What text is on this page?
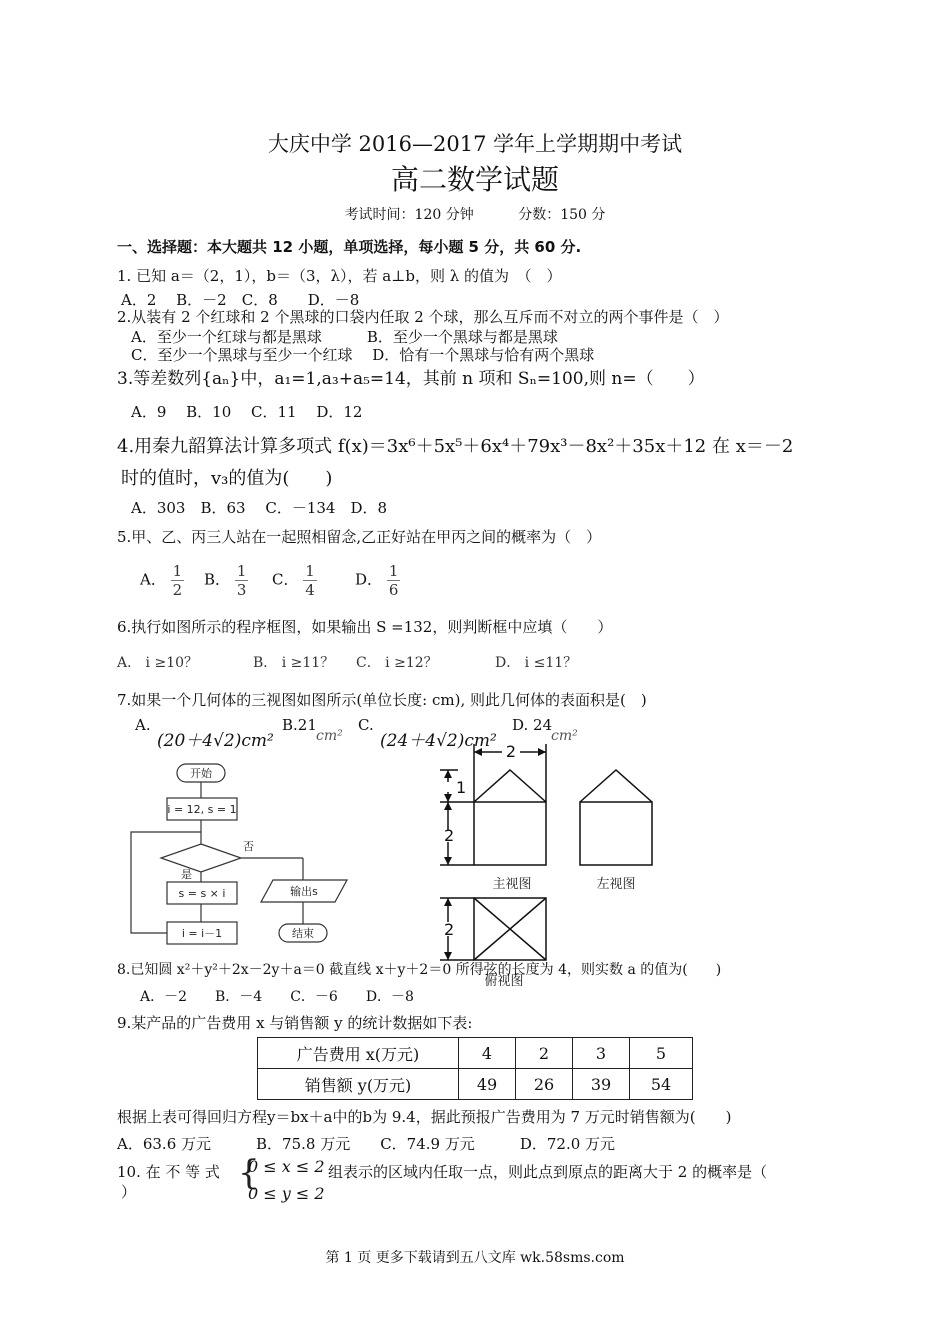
大庆中学 2016—2017 学年上学期期中考试
高二数学试题
考试时间：120 分钟          分数：150 分
一、选择题：本大题共 12 小题，单项选择，每小题 5 分，共 60 分.
1. 已知 a＝（2，1），b＝（3，λ），若 a⊥b，则 λ 的值为　（　）
A．2　 B．－2　C．8　　D．－8
2.从装有 2 个红球和 2 个黑球的口袋内任取 2 个球，那么互斥而不对立的两个事件是（　）
A．至少一个红球与都是黑球　　　B．至少一个黑球与都是黑球
C．至少一个黑球与至少一个红球　 D．恰有一个黑球与恰有两个黑球
3.等差数列{aₙ}中，a₁=1,a₃+a₅=14，其前 n 项和 Sₙ=100,则 n=（　　）
A．9　 B．10　 C．11　 D．12
4.用秦九韶算法计算多项式 f(x)＝3x⁶＋5x⁵＋6x⁴＋79x³－8x²＋35x＋12 在 x＝－2
时的值时，v₃的值为(　　)
A．303　B．63　 C．－134　D．8
5.甲、乙、丙三人站在一起照相留念,乙正好站在甲丙之间的概率为（　）
A． $\frac{1}{2}$ B． $\frac{1}{3}$ C． $\frac{1}{4}$	D． $\frac{1}{6}$
6.执行如图所示的程序框图，如果输出 S =132，则判断框中应填（　　）
A． i ≥10？	B． i ≥11？ C． i ≥12？	D． i ≤11？
7.如果一个几何体的三视图如图所示(单位长度: cm), 则此几何体的表面积是(　)
A.
(20＋4√2)cm²
B.21
cm²
C.
(24＋4√2)cm²
D. 24
cm²
开始
i = 12, s = 1
否
是
s = s × i
i = i－1
输出s
结束
2
1
2
2
主视图	左视图
俯视图
8.已知圆 x²＋y²＋2x－2y＋a＝0 截直线 x＋y＋2＝0 所得弦的长度为 4，则实数 a 的值为(　　)
A．－2　　B．－4　　C．－6　　D．－8
9.某产品的广告费用 x 与销售额 y 的统计数据如下表:
广告费用 x(万元)	4	2	3	5
销售额 y(万元)	49	26	39	54
根据上表可得回归方程y＝bx＋a中的b为 9.4，据此预报广告费用为 7 万元时销售额为(　　)
A．63.6 万元　　　B．75.8 万元　　C．74.9 万元　　　D．72.0 万元
10. 在 不 等 式 {
0 ≤ x ≤ 2
0 ≤ y ≤ 2
组表示的区域内任取一点，则此点到原点的距离大于 2 的概率是（
）
第 1 页 更多下载请到五八文库 wk.58sms.com
